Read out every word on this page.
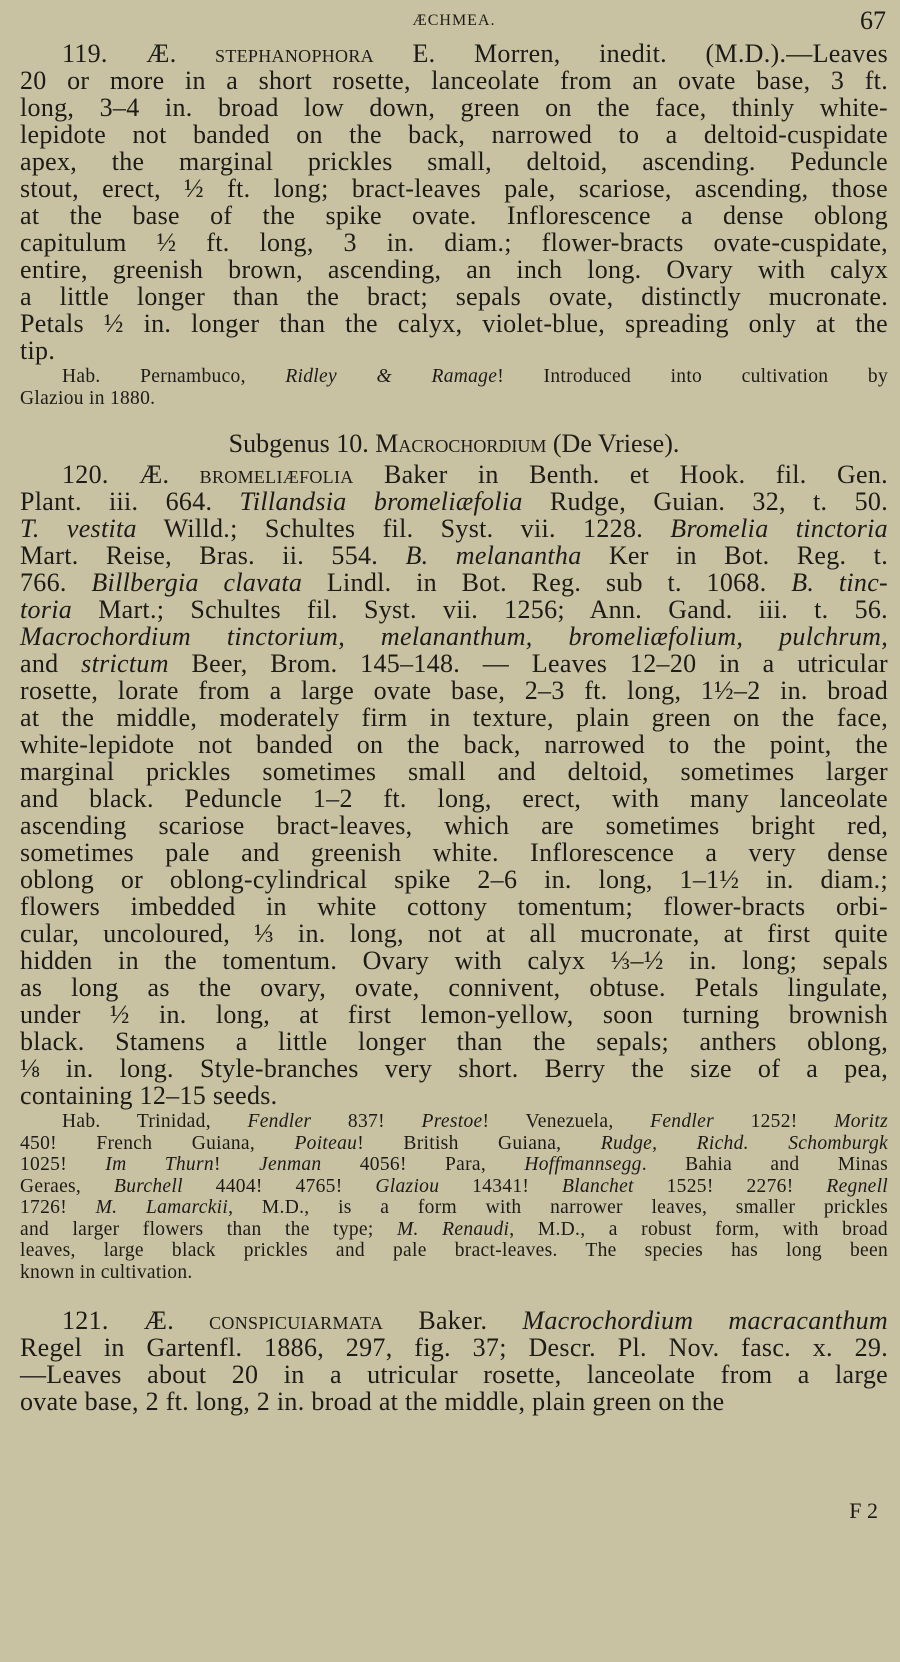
ÆCHMEA.	67
119. Æ. stephanophora E. Morren, inedit. (M.D.).—Leaves
20 or more in a short rosette, lanceolate from an ovate base, 3 ft.
long, 3–4 in. broad low down, green on the face, thinly white-
lepidote not banded on the back, narrowed to a deltoid-cuspidate
apex, the marginal prickles small, deltoid, ascending. Peduncle
stout, erect, ½ ft. long; bract-leaves pale, scariose, ascending, those
at the base of the spike ovate. Inflorescence a dense oblong
capitulum ½ ft. long, 3 in. diam.; flower-bracts ovate-cuspidate,
entire, greenish brown, ascending, an inch long. Ovary with calyx
a little longer than the bract; sepals ovate, distinctly mucronate.
Petals ½ in. longer than the calyx, violet-blue, spreading only at the
tip.
Hab. Pernambuco, Ridley & Ramage! Introduced into cultivation by
Glaziou in 1880.
Subgenus 10. Macrochordium (De Vriese).
120. Æ. bromeliæfolia Baker in Benth. et Hook. fil. Gen.
Plant. iii. 664. Tillandsia bromeliæfolia Rudge, Guian. 32, t. 50.
T. vestita Willd.; Schultes fil. Syst. vii. 1228. Bromelia tinctoria
Mart. Reise, Bras. ii. 554. B. melanantha Ker in Bot. Reg. t.
766. Billbergia clavata Lindl. in Bot. Reg. sub t. 1068. B. tinc-
toria Mart.; Schultes fil. Syst. vii. 1256; Ann. Gand. iii. t. 56.
Macrochordium tinctorium, melananthum, bromeliæfolium, pulchrum,
and strictum Beer, Brom. 145–148. — Leaves 12–20 in a utricular
rosette, lorate from a large ovate base, 2–3 ft. long, 1½–2 in. broad
at the middle, moderately firm in texture, plain green on the face,
white-lepidote not banded on the back, narrowed to the point, the
marginal prickles sometimes small and deltoid, sometimes larger
and black. Peduncle 1–2 ft. long, erect, with many lanceolate
ascending scariose bract-leaves, which are sometimes bright red,
sometimes pale and greenish white. Inflorescence a very dense
oblong or oblong-cylindrical spike 2–6 in. long, 1–1½ in. diam.;
flowers imbedded in white cottony tomentum; flower-bracts orbi-
cular, uncoloured, ⅓ in. long, not at all mucronate, at first quite
hidden in the tomentum. Ovary with calyx ⅓–½ in. long; sepals
as long as the ovary, ovate, connivent, obtuse. Petals lingulate,
under ½ in. long, at first lemon-yellow, soon turning brownish
black. Stamens a little longer than the sepals; anthers oblong,
⅛ in. long. Style-branches very short. Berry the size of a pea,
containing 12–15 seeds.
Hab. Trinidad, Fendler 837! Prestoe! Venezuela, Fendler 1252! Moritz
450! French Guiana, Poiteau! British Guiana, Rudge, Richd. Schomburgk
1025! Im Thurn! Jenman 4056! Para, Hoffmannsegg. Bahia and Minas
Geraes, Burchell 4404! 4765! Glaziou 14341! Blanchet 1525! 2276! Regnell
1726! M. Lamarckii, M.D., is a form with narrower leaves, smaller prickles
and larger flowers than the type; M. Renaudi, M.D., a robust form, with broad
leaves, large black prickles and pale bract-leaves. The species has long been
known in cultivation.
121. Æ. conspicuiarmata Baker. Macrochordium macracanthum
Regel in Gartenfl. 1886, 297, fig. 37; Descr. Pl. Nov. fasc. x. 29.
—Leaves about 20 in a utricular rosette, lanceolate from a large
ovate base, 2 ft. long, 2 in. broad at the middle, plain green on the
F 2
